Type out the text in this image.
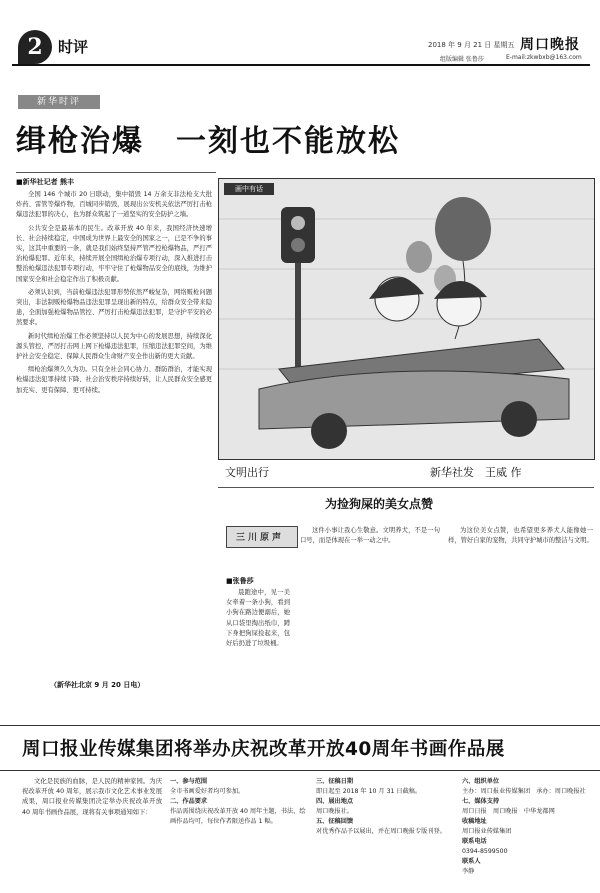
2	时评	2018 年 9 月 21 日 星期五 周口晚报
组版编辑 张鲁莎	E-mail:zkwbxb@163.com
新华时评
缉枪治爆　一刻也不能放松
■新华社记者 熊丰

全国 146 个城市 20 日联动，集中销毁 14 万余支非法枪支大批炸药、雷管等爆炸物，百城同步销毁，展现出公安机关依法严厉打击枪爆违法犯罪的决心，也为群众筑起了一道坚实的安全防护之墙。

公共安全是最基本的民生。改革开放 40 年来，我国经济快速增长、社会持续稳定，中国成为世界上最安全的国家之一，已是不争的事实，这其中重要的一条，就是我们始终坚持严管严控枪爆物品，严打严治枪爆犯罪。近年来，持续开展全国缉枪治爆专项行动，深入推进打击整治枪爆违法犯罪专项行动，牢牢守住了枪爆物品安全的底线，为维护国家安全和社会稳定作出了积极贡献。

必须认识到，当前枪爆违法犯罪形势依然严峻复杂，网络贩枪问题突出，非法制贩枪爆物品违法犯罪呈现出新的特点，给群众安全带来隐患，全面加强枪爆物品管控、严厉打击枪爆违法犯罪，是守护平安的必然要求。

新时代缉枪治爆工作必须坚持以人民为中心的发展思想，持续深化源头管控，严厉打击网上网下枪爆违法犯罪，压缩违法犯罪空间，为维护社会安全稳定、保障人民群众生命财产安全作出新的更大贡献。

缉枪治爆须久久为功。只有全社会同心协力、群防群治，才能实现枪爆违法犯罪持续下降、社会治安秩序持续好转，让人民群众安全感更加充实、更有保障、更可持续。

（新华社北京 9 月 20 日电）
画中有话
文明出行	新华社发　王威 作
为捡狗屎的美女点赞
三川原声
■张鲁莎

晨跑途中，见一美女牵着一条小狗，看到小狗在路边便溺后，她从口袋里掏出纸巾，蹲下身把狗屎捡起来，包好后扔进了垃圾桶。

这件小事让我心生敬意。文明养犬，不是一句口号，而是体现在一举一动之中。

为这位美女点赞，也希望更多养犬人能像她一样，管好自家的宠物，共同守护城市的整洁与文明。

周口报业传媒集团将举办庆祝改革开放40周年书画作品展

文化是民族的血脉，是人民的精神家园。为庆祝改革开放 40 周年，展示我市文化艺术事业发展成果，周口报业传媒集团决定举办庆祝改革开放 40 周年书画作品展，现将有关事项通知如下：

一、参与范围
全市书画爱好者均可参加。
二、作品要求
作品需围绕庆祝改革开放 40 周年主题，书法、绘画作品均可，每位作者限送作品 1 幅。
三、征稿日期
即日起至 2018 年 10 月 31 日截稿。
四、展出地点
周口晚报社。
五、征稿回馈
对优秀作品予以展出，并在周口晚报专版刊登。
六、组织单位
主办：周口报业传媒集团　承办：周口晚报社
七、媒体支持
周口日报　周口晚报　中华龙都网
收稿地址
周口报业传媒集团
联系电话
0394-8599500
联系人
李静
